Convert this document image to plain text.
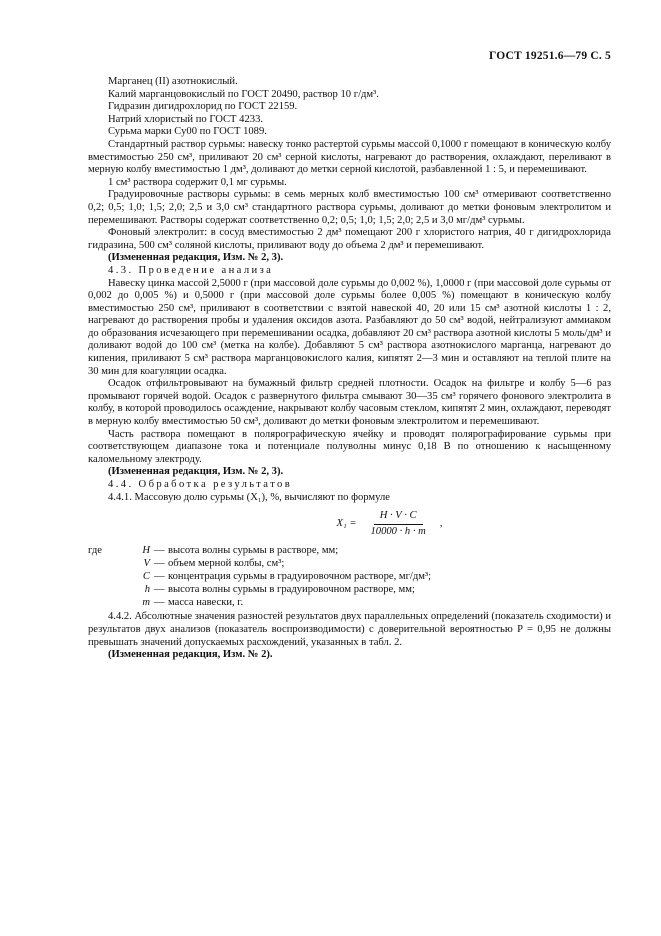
ГОСТ 19251.6—79 С. 5

Марганец (II) азотнокислый.

Калий марганцовокислый по ГОСТ 20490, раствор 10 г/дм³.

Гидразин дигидрохлорид по ГОСТ 22159.

Натрий хлористый по ГОСТ 4233.

Сурьма марки Су00 по ГОСТ 1089.

Стандартный раствор сурьмы: навеску тонко растертой сурьмы массой 0,1000 г помещают в коническую колбу вместимостью 250 см³, приливают 20 см³ серной кислоты, нагревают до растворения, охлаждают, переливают в мерную колбу вместимостью 1 дм³, доливают до метки серной кислотой, разбавленной 1 : 5, и перемешивают.

1 см³ раствора содержит 0,1 мг сурьмы.

Градуировочные растворы сурьмы: в семь мерных колб вместимостью 100 см³ отмеривают соответственно 0,2; 0,5; 1,0; 1,5; 2,0; 2,5 и 3,0 см³ стандартного раствора сурьмы, доливают до метки фоновым электролитом и перемешивают. Растворы содержат соответственно 0,2; 0,5; 1,0; 1,5; 2,0; 2,5 и 3,0 мг/дм³ сурьмы.

Фоновый электролит: в сосуд вместимостью 2 дм³ помещают 200 г хлористого натрия, 40 г дигидрохлорида гидразина, 500 см³ соляной кислоты, приливают воду до объема 2 дм³ и перемешивают.

(Измененная редакция, Изм. № 2, 3).

4.3. Проведение анализа

Навеску цинка массой 2,5000 г (при массовой доле сурьмы до 0,002 %), 1,0000 г (при массовой доле сурьмы от 0,002 до 0,005 %) и 0,5000 г (при массовой доле сурьмы более 0,005 %) помещают в коническую колбу вместимостью 250 см³, приливают в соответствии с взятой навеской 40, 20 или 15 см³ азотной кислоты 1 : 2, нагревают до растворения пробы и удаления оксидов азота. Разбавляют до 50 см³ водой, нейтрализуют аммиаком до образования исчезающего при перемешивании осадка, добавляют 20 см³ раствора азотной кислоты 5 моль/дм³ и доливают водой до 100 см³ (метка на колбе). Добавляют 5 см³ раствора азотнокислого марганца, нагревают до кипения, приливают 5 см³ раствора марганцовокислого калия, кипятят 2—3 мин и оставляют на теплой плите на 30 мин для коагуляции осадка.

Осадок отфильтровывают на бумажный фильтр средней плотности. Осадок на фильтре и колбу 5—6 раз промывают горячей водой. Осадок с развернутого фильтра смывают 30—35 см³ горячего фонового электролита в колбу, в которой проводилось осаждение, накрывают колбу часовым стеклом, кипятят 2 мин, охлаждают, переводят в мерную колбу вместимостью 50 см³, доливают до метки фоновым электролитом и перемешивают.

Часть раствора помещают в полярографическую ячейку и проводят полярографирование сурьмы при соответствующем диапазоне тока и потенциале полуволны минус 0,18 В по отношению к насыщенному каломельному электроду.

(Измененная редакция, Изм. № 2, 3).

4.4. Обработка результатов

4.4.1. Массовую долю сурьмы (X₁), %, вычисляют по формуле

$X_1 = \frac{H \cdot V \cdot C}{10000 \cdot h \cdot m}$ ,
где	H	—	высота волны сурьмы в растворе, мм;
	V	—	объем мерной колбы, см³;
	C	—	концентрация сурьмы в градуировочном растворе, мг/дм³;
	h	—	высота волны сурьмы в градуировочном растворе, мм;
	m	—	масса навески, г.

4.4.2. Абсолютные значения разностей результатов двух параллельных определений (показатель сходимости) и результатов двух анализов (показатель воспроизводимости) с доверительной вероятностью P = 0,95 не должны превышать значений допускаемых расхождений, указанных в табл. 2.

(Измененная редакция, Изм. № 2).
